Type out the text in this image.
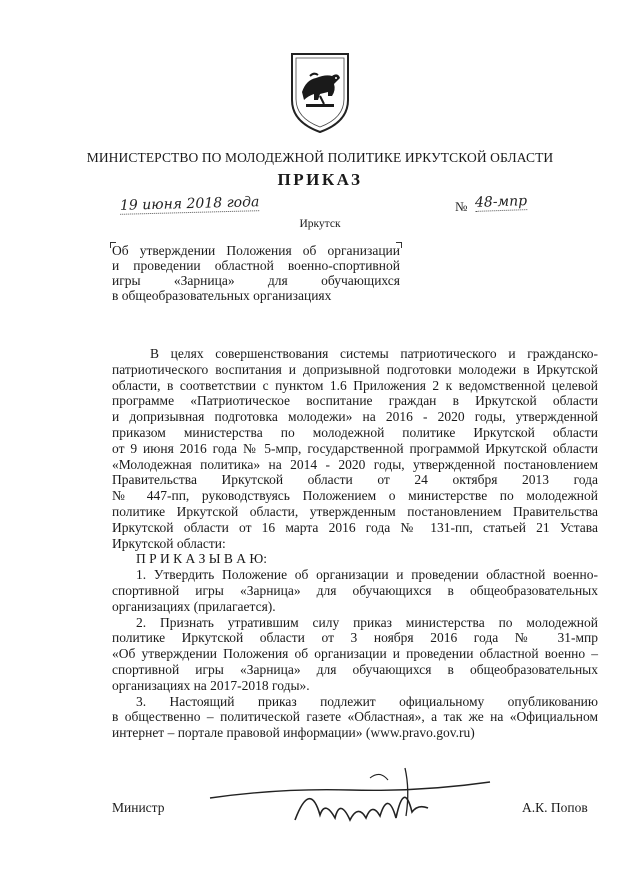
МИНИСТЕРСТВО ПО МОЛОДЕЖНОЙ ПОЛИТИКЕ ИРКУТСКОЙ ОБЛАСТИ
ПРИКАЗ
19 июня 2018 года	№ 48-мпр
Иркутск
Об утверждении Положения об организации
и проведении областной военно-спортивной
игры «Зарница» для обучающихся
в общеобразовательных организациях
В целях совершенствования системы патриотического и гражданско-
патриотического воспитания и допризывной подготовки молодежи в Иркутской
области, в соответствии с пунктом 1.6 Приложения 2 к ведомственной целевой
программе «Патриотическое воспитание граждан в Иркутской области
и допризывная подготовка молодежи» на 2016 - 2020 годы, утвержденной
приказом министерства по молодежной политике Иркутской области
от 9 июня 2016 года № 5-мпр, государственной программой Иркутской области
«Молодежная политика» на 2014 - 2020 годы, утвержденной постановлением
Правительства Иркутской области от 24 октября 2013 года
№ 447-пп, руководствуясь Положением о министерстве по молодежной
политике Иркутской области, утвержденным постановлением Правительства
Иркутской области от 16 марта 2016 года № 131-пп, статьей 21 Устава
Иркутской области:
П Р И К А З Ы В А Ю:
1. Утвердить Положение об организации и проведении областной военно-
спортивной игры «Зарница» для обучающихся в общеобразовательных
организациях (прилагается).
2. Признать утратившим силу приказ министерства по молодежной
политике Иркутской области от 3 ноября 2016 года № 31-мпр
«Об утверждении Положения об организации и проведении областной военно –
спортивной игры «Зарница» для обучающихся в общеобразовательных
организациях на 2017-2018 годы».
3. Настоящий приказ подлежит официальному опубликованию
в общественно – политической газете «Областная», а так же на «Официальном
интернет – портале правовой информации» (www.pravo.gov.ru)
Министр	А.К. Попов
